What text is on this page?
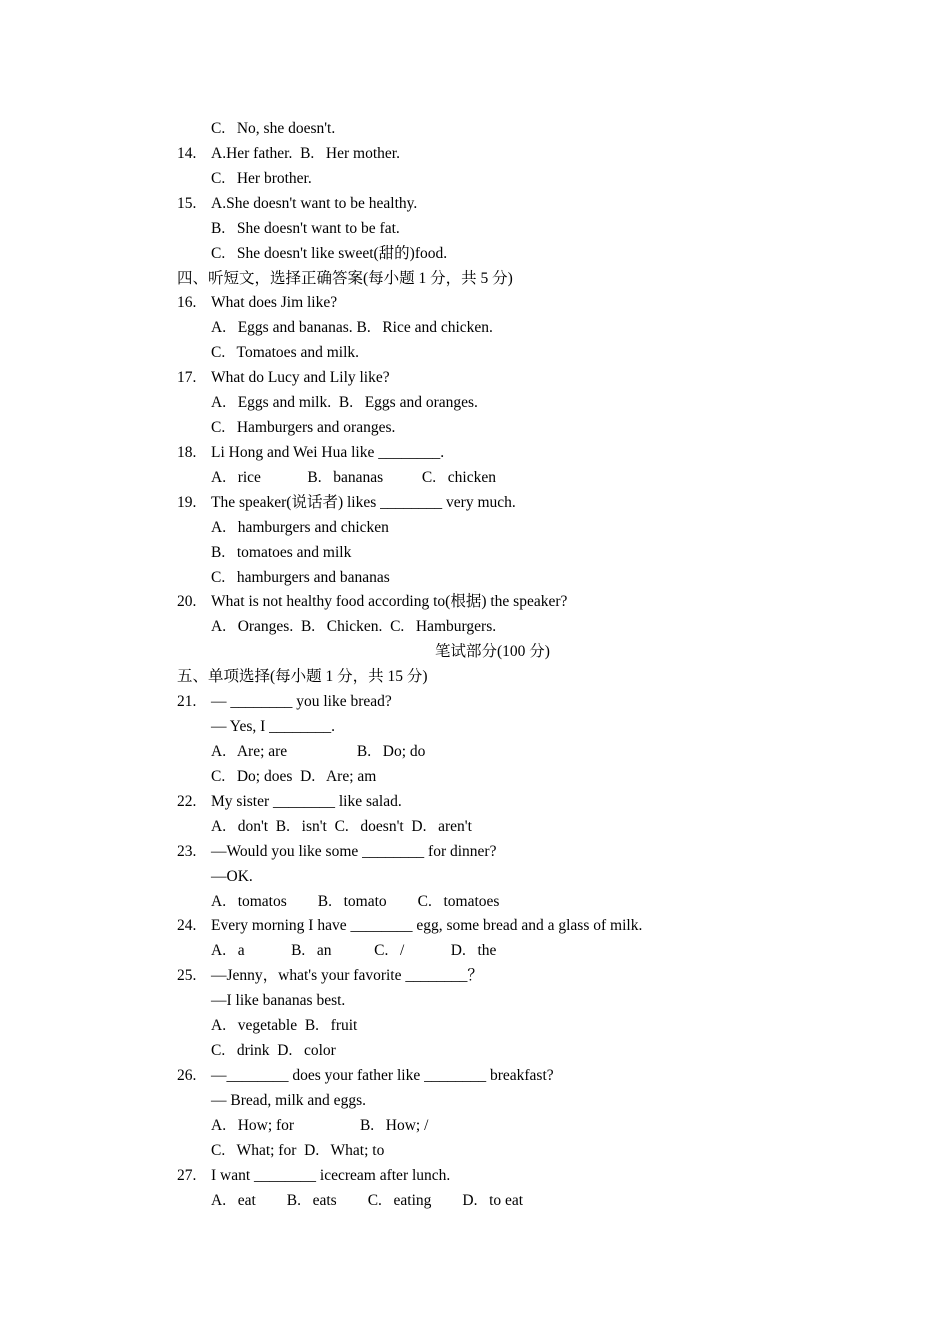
C.   No, she doesn't.
14. A.Her father.  B.   Her mother.
C.   Her brother.
15. A.She doesn't want to be healthy.
B.   She doesn't want to be fat.
C.   She doesn't like sweet(甜的)food.
四、听短文，选择正确答案(每小题 1 分，共 5 分)
16. What does Jim like?
A.   Eggs and bananas. B.   Rice and chicken.
C.   Tomatoes and milk.
17. What do Lucy and Lily like?
A.   Eggs and milk.  B.   Eggs and oranges.
C.   Hamburgers and oranges.
18. Li Hong and Wei Hua like ________.
A.   rice            B.   bananas          C.   chicken
19. The speaker(说话者) likes ________ very much.
A.   hamburgers and chicken
B.   tomatoes and milk
C.   hamburgers and bananas
20. What is not healthy food according to(根据) the speaker?
A.   Oranges.  B.   Chicken.  C.   Hamburgers.
笔试部分(100 分)
五、单项选择(每小题 1 分，共 15 分)
21. — ________ you like bread?
— Yes, I ________.
A.   Are; are                  B.   Do; do
C.   Do; does  D.   Are; am
22. My sister ________ like salad.
A.   don't  B.   isn't  C.   doesn't  D.   aren't
23. —Would you like some ________ for dinner?
—OK.
A.   tomatos        B.   tomato        C.   tomatoes
24. Every morning I have ________ egg, some bread and a glass of milk.
A.   a            B.   an           C.   /            D.   the
25. —Jenny，what's your favorite ________？
—I like bananas best.
A.   vegetable  B.   fruit
C.   drink  D.   color
26. —________ does your father like ________ breakfast?
— Bread, milk and eggs.
A.   How; for                 B.   How; /
C.   What; for  D.   What; to
27. I want ________ icecream after lunch.
A.   eat        B.   eats        C.   eating        D.   to eat
